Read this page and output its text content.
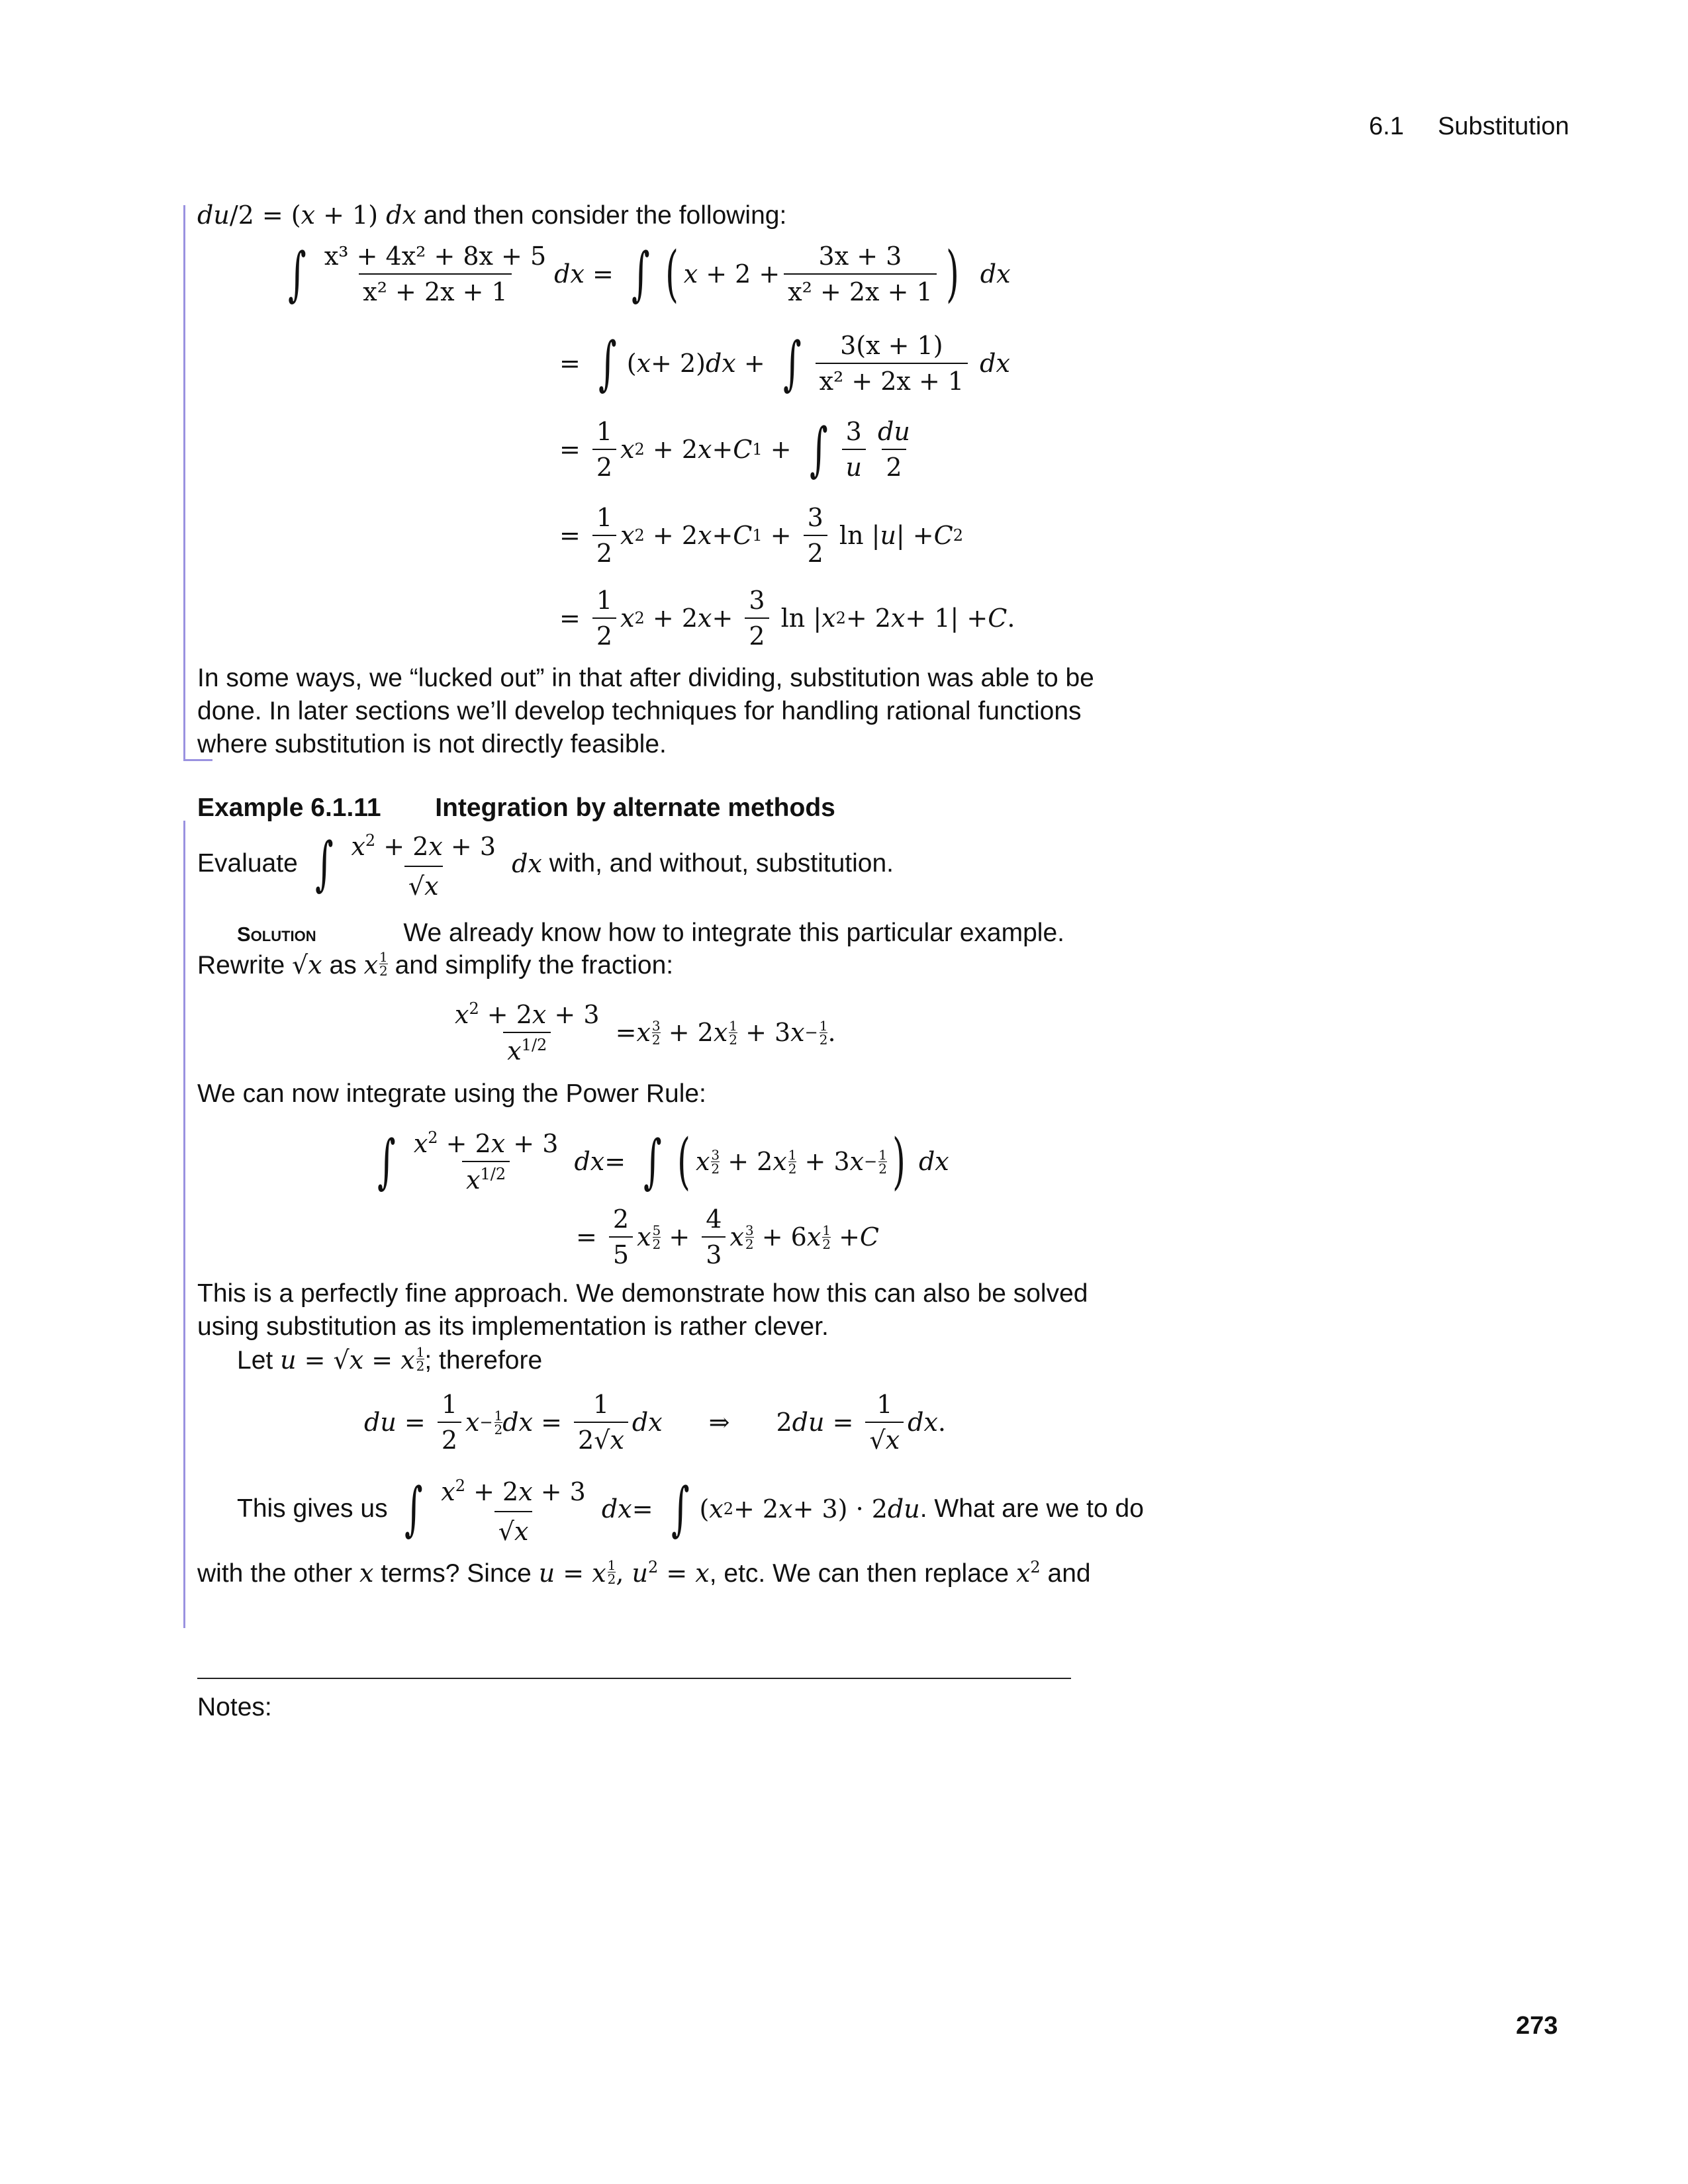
6.1 Substitution
du/2 = (x + 1) dx and then consider the following:
∫ $\frac{\text{x³ + 4x² + 8x + 5}}{\text{x² + 2x + 1}}$ dx = ∫ ( $x + 2 + \frac{3x + 3}{\text{x² + 2x + 1}}$ )
dx
= ∫ ( x + 2) dx + ∫ $\frac{3(x + 1)}{\text{x² + 2x + 1}}$
dx
= $\frac{1}{2}$ x 2 + 2 x + C 1 + ∫ $\frac{3}{u} \frac{du}{2}$
= $\frac{1}{2}$ x 2 + 2 x + C $1 + \frac{3}{2}$ ln | u | + C 2
= $\frac{1}{2}$ x 2 + 2 $x + \frac{3}{2}$ ln | x 2 + 2 x + 1| + C .
In some ways, we “lucked out” in that after dividing, substitution was able to be
done. In later sections we’ll develop techniques for handling rational functions
where substitution is not directly feasible.
Example 6.1.11 Integration by alternate methods
Evaluate
∫ $\frac{x^2 + 2x + 3}{√x}$
dx
with, and without, substitution.
Solution	We already know how to integrate this particular example.
Rewrite √x as x $\frac{1}{2}$ and simplify the fraction:
$\frac{x^2 + 2x + 3}{x^{1/2}} = x$ 3
2 + 2 x 1
2 + 3 $x - \frac{1}{2}$ .
We can now integrate using the Power Rule:
∫ $\frac{x^2 + 2x + 3}{x^{1/2}}$
dx = ∫ ( x 3
2 + 2 x 1
2 + 3 $x - \frac{1}{2}$ )
dx
= $\frac{2}{5}$ x 5
$2 + \frac{4}{3}$ x 3
2 + 6 x 1
2 + C
This is a perfectly fine approach. We demonstrate how this can also be solved
using substitution as its implementation is rather clever.
Let u = √x = x $\frac{1}{2}$ ; therefore
du = $\frac{1}{2}$ $x - \frac{1}{2}$ dx = $\frac{1}{2√x}$ dx ⇒
2 du = $\frac{1}{√x}$ dx .
This gives us
∫ $\frac{x^2 + 2x + 3}{√x}$
dx = ∫ ( x 2 + 2 x + 3) · 2 du . What are we to do
with the other x terms? Since u = x $\frac{1}{2}$ , $u^2 = x$, etc. We can then replace $x^2$ and
Notes:
273
